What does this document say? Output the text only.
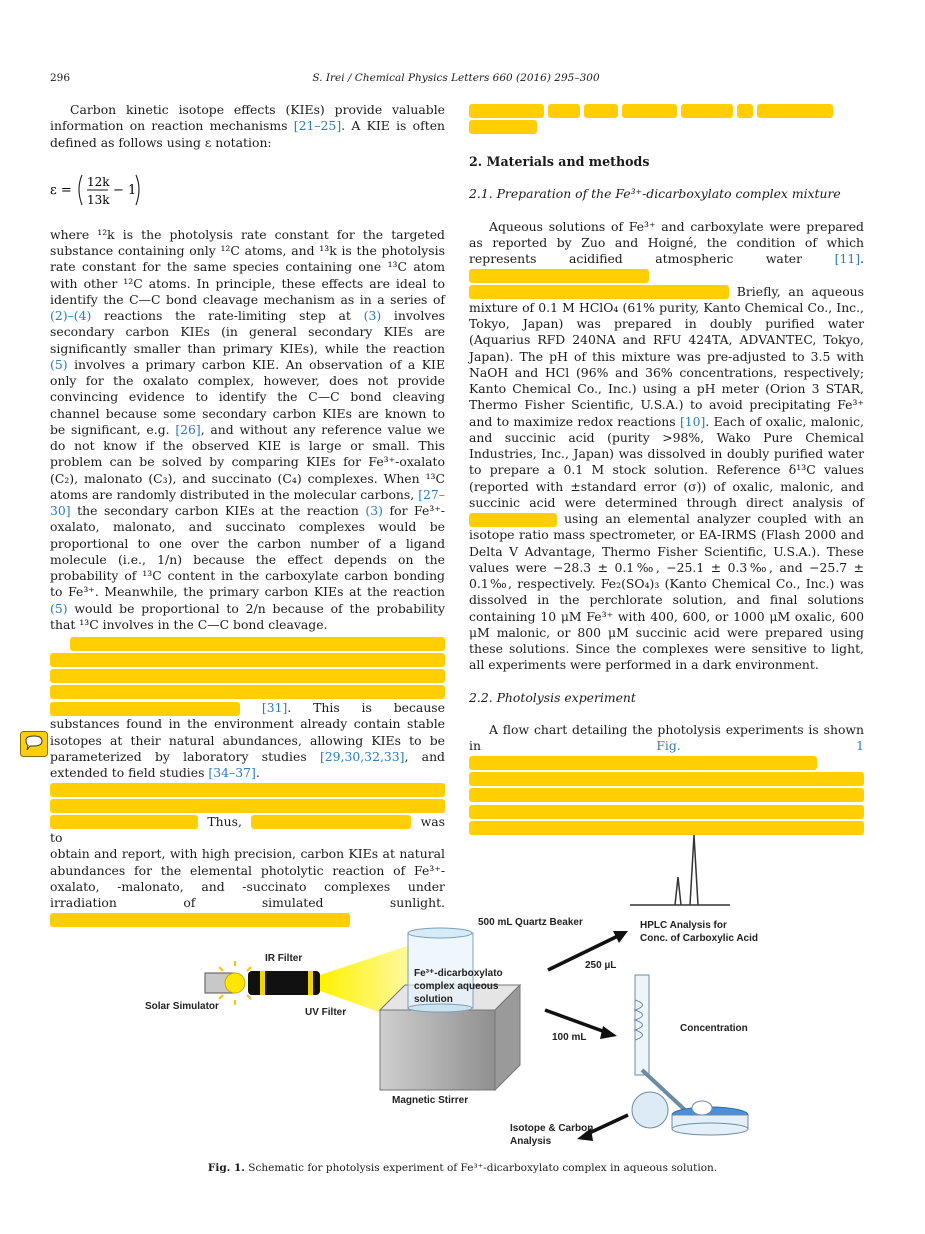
296	S. Irei / Chemical Physics Letters 660 (2016) 295–300

Carbon kinetic isotope effects (KIEs) provide valuable information on reaction mechanisms [21–25]. A KIE is often defined as follows using ε notation:

ε =
12k
13k
− 1

where ¹²k is the photolysis rate constant for the targeted substance containing only ¹²C atoms, and ¹³k is the photolysis rate constant for the same species containing one ¹³C atom with other ¹²C atoms. In principle, these effects are ideal to identify the C—C bond cleavage mechanism as in a series of (2)–(4) reactions the rate-limiting step at (3) involves secondary carbon KIEs (in general secondary KIEs are significantly smaller than primary KIEs), while the reaction (5) involves a primary carbon KIE. An observation of a KIE only for the oxalato complex, however, does not provide convincing evidence to identify the C—C bond cleaving channel because some secondary carbon KIEs are known to be significant, e.g. [26], and without any reference value we do not know if the observed KIE is large or small. This problem can be solved by comparing KIEs for Fe³⁺-oxalato (C₂), malonato (C₃), and succinato (C₄) complexes. When ¹³C atoms are randomly distributed in the molecular carbons, [27–30] the secondary carbon KIEs at the reaction (3) for Fe³⁺-oxalato, malonato, and succinato complexes would be proportional to one over the carbon number of a ligand molecule (i.e., 1/n) because the effect depends on the probability of ¹³C content in the carboxylate carbon bonding to Fe³⁺. Meanwhile, the primary carbon KIEs at the reaction (5) would be proportional to 2/n because of the probability that ¹³C involves in the C—C bond cleavage.

[31]. This is because substances found in the environment already contain stable isotopes at their natural abundances, allowing KIEs to be parameterized by laboratory studies [29,30,32,33], and extended to field studies [34–37].

Thus,	was to
obtain and report, with high precision, carbon KIEs at natural abundances for the elemental photolytic reaction of Fe³⁺-oxalato, -malonato, and -succinato complexes under irradiation of simulated sunlight.

2. Materials and methods
2.1. Preparation of the Fe³⁺-dicarboxylato complex mixture

Aqueous solutions of Fe³⁺ and carboxylate were prepared as reported by Zuo and Hoigné, the condition of which represents acidified atmospheric water [11].
Briefly, an aqueous mixture of 0.1 M HClO₄ (61% purity, Kanto Chemical Co., Inc., Tokyo, Japan) was prepared in doubly purified water (Aquarius RFD 240NA and RFU 424TA, ADVANTEC, Tokyo, Japan). The pH of this mixture was pre-adjusted to 3.5 with NaOH and HCl (96% and 36% concentrations, respectively; Kanto Chemical Co., Inc.) using a pH meter (Orion 3 STAR, Thermo Fisher Scientific, U.S.A.) to avoid precipitating Fe³⁺ and to maximize redox reactions [10]. Each of oxalic, malonic, and succinic acid (purity >98%, Wako Pure Chemical Industries, Inc., Japan) was dissolved in doubly purified water to prepare a 0.1 M stock solution. Reference δ¹³C values (reported with ±standard error (σ)) of oxalic, malonic, and succinic acid were determined through direct analysis of  using an elemental analyzer coupled with an isotope ratio mass spectrometer, or EA-IRMS (Flash 2000 and Delta V Advantage, Thermo Fisher Scientific, U.S.A.). These values were −28.3 ± 0.1‰, −25.1 ± 0.3‰, and −25.7 ± 0.1‰, respectively. Fe₂(SO₄)₃ (Kanto Chemical Co., Inc.) was dissolved in the perchlorate solution, and final solutions containing 10 μM Fe³⁺ with 400, 600, or 1000 μM oxalic, 600 μM malonic, or 800 μM succinic acid were prepared using these solutions. Since the complexes were sensitive to light, all experiments were performed in a dark environment.

2.2. Photolysis experiment

A flow chart detailing the photolysis experiments is shown in Fig. 1

HPLC Analysis for
Conc. of Carboxylic Acid
500 mL Quartz Beaker
250 µL
Solar Simulator
IR Filter
UV Filter
Magnetic Stirrer
Fe³⁺-dicarboxylato
complex aqueous
solution
100 mL
Concentration
Isotope & Carbon
Analysis
Fig. 1. Schematic for photolysis experiment of Fe³⁺-dicarboxylato complex in aqueous solution.
